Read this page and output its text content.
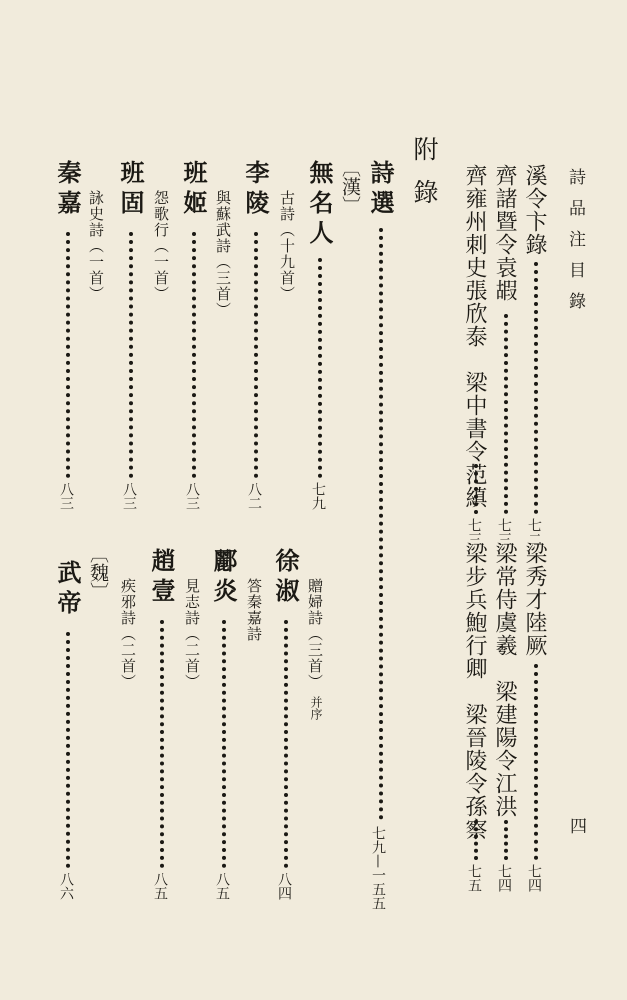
詩品注目錄
四
溪令卞錄
七二
齊諸暨令袁嘏
七三
齊雍州刺史張欣泰　梁中書令范縝
七三
梁秀才陸厥
七四
梁常侍虞羲　梁建陽令江洪
七四
梁步兵鮑行卿　梁晉陵令孫察
七五
附錄
詩選
七九—一五五
〔漢〕
無名人
七九
古詩（十九首）
李陵
八二
與蘇武詩（三首）
班姬
八三
怨歌行（一首）
班固
八三
詠史詩（一首）
秦嘉
八三
徐淑
八四
贈婦詩（三首）
并序
酈炎
八五
答秦嘉詩
趙壹
八五
見志詩（二首）
疾邪詩（二首）
〔魏〕
武帝
八六
